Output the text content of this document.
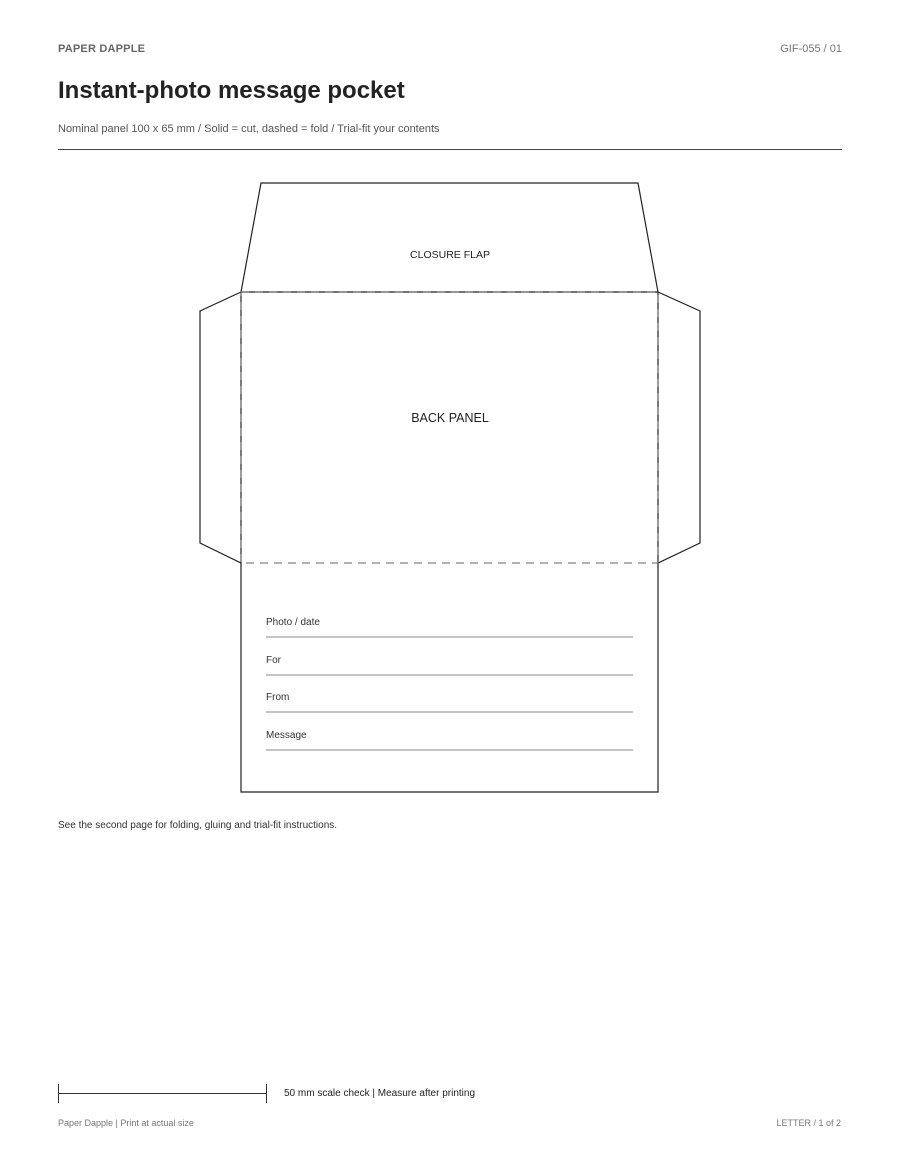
PAPER DAPPLE	GIF-055 / 01
Instant-photo message pocket
Nominal panel 100 x 65 mm / Solid = cut, dashed = fold / Trial-fit your contents
CLOSURE FLAP
BACK PANEL
Photo / date
For
From
Message
See the second page for folding, gluing and trial-fit instructions.
50 mm scale check | Measure after printing
Paper Dapple | Print at actual size	LETTER / 1 of 2
